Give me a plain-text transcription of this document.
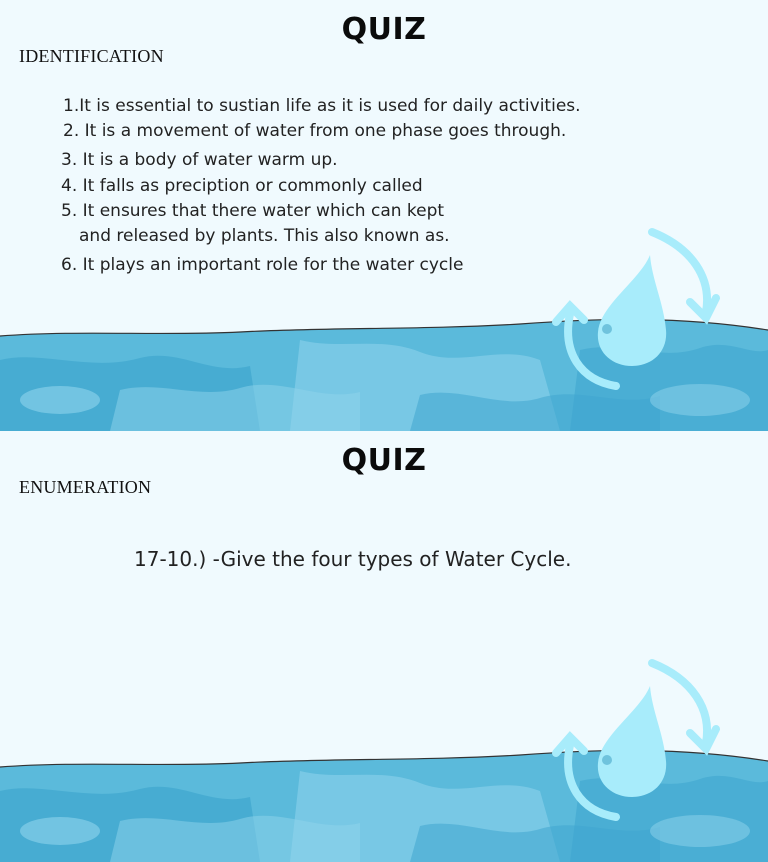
QUIZ
IDENTIFICATION
1.It is essential to sustian life as it is used for daily activities.
2. It is a movement of water from one phase goes through.
3. It is a body of water warm up.
4. It falls as preciption or commonly called
5. It ensures that there water which can kept
and released by plants. This also known as.
6. It plays an important role for the water cycle
QUIZ
ENUMERATION
17-10.) -Give the four types of Water Cycle.
